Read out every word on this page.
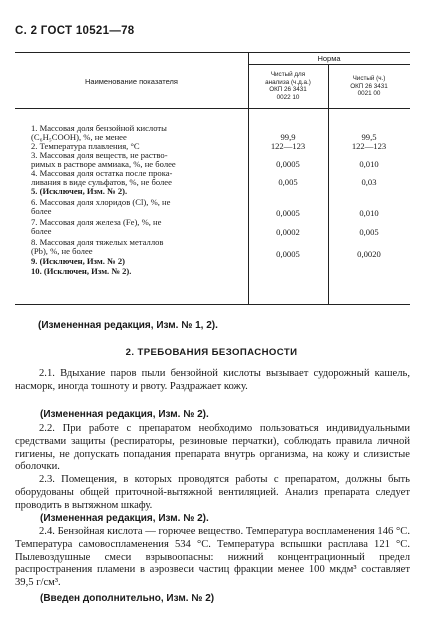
С. 2 ГОСТ 10521—78
Наименование показателя
Норма
Чистый для
анализа (ч.д.а.)
ОКП 26 3431
0022 10
Чистый (ч.)
ОКП 26 3431
0021 00
1. Массовая доля бензойной кислоты
(C₆H₅COOH), %, не менее	99,9	99,5
2. Температура плавления, °C	122—123	122—123
3. Массовая доля веществ, не раство-
римых в растворе аммиака, %, не более	0,0005	0,010
4. Массовая доля остатка после прока-
ливания в виде сульфатов, %, не более	0,005	0,03
5. (Исключен, Изм. № 2).
6. Массовая доля хлоридов (Cl), %, не
более	0,0005	0,010
7. Массовая доля железа (Fe), %, не
более	0,0002	0,005
8. Массовая доля тяжелых металлов
(Pb), %, не более	0,0005	0,0020
9. (Исключен, Изм. № 2)
10. (Исключен, Изм. № 2).
(Измененная редакция, Изм. № 1, 2).
2. ТРЕБОВАНИЯ БЕЗОПАСНОСТИ
2.1. Вдыхание паров пыли бензойной кислоты вызывает судорожный кашель, насморк, иногда тошноту и рвоту. Раздражает кожу.
(Измененная редакция, Изм. № 2).
2.2. При работе с препаратом необходимо пользоваться индивидуальными средствами защиты (респираторы, резиновые перчатки), соблюдать правила личной гигиены, не допускать попадания препарата внутрь организма, на кожу и слизистые оболочки.
2.3. Помещения, в которых проводятся работы с препаратом, должны быть оборудованы общей приточной-вытяжной вентиляцией. Анализ препарата следует проводить в вытяжном шкафу.
(Измененная редакция, Изм. № 2).
2.4. Бензойная кислота — горючее вещество. Температура воспламенения 146 °C. Температура самовоспламенения 534 °C. Температура вспышки расплава 121 °C. Пылевоздушные смеси взрывоопасны: нижний концентрационный предел распространения пламени в аэрозвеси частиц фракции менее 100 мкдм³ составляет 39,5 г/см³.
(Введен дополнительно, Изм. № 2)
